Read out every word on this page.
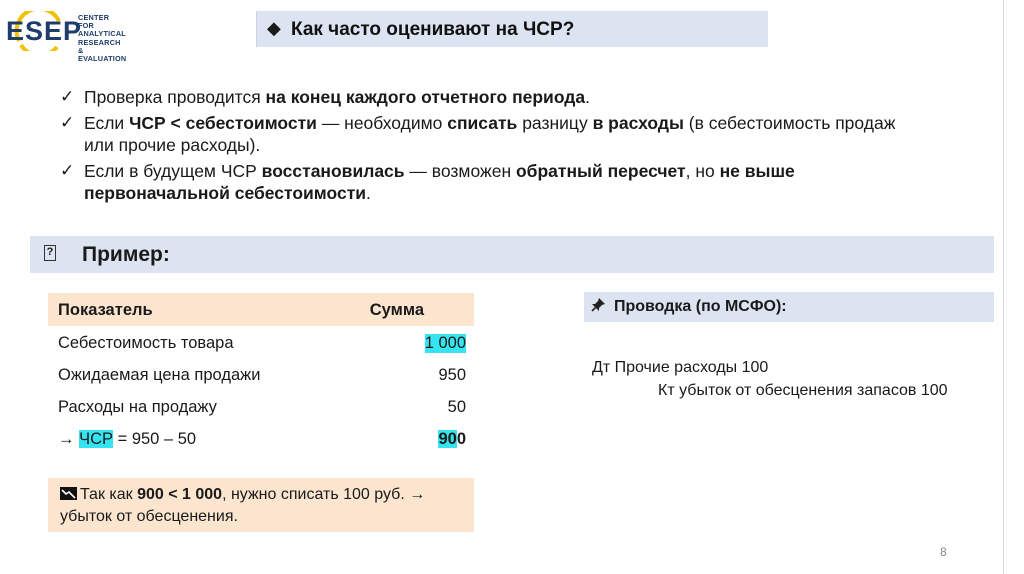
ESEP
CENTER FOR
ANALYTICAL
RESEARCH &
EVALUATION
◆ Как часто оценивают на ЧСР?
✓ Проверка проводится на конец каждого отчетного периода.
✓ Если ЧСР < себестоимости — необходимо списать разницу в расходы (в себестоимость продаж или прочие расходы).
✓ Если в будущем ЧСР восстановилась — возможен обратный пересчет, но не выше первоначальной себестоимости.
? Пример:
Показатель	Сумма
Себестоимость товара	1 000
Ожидаемая цена продажи	950
Расходы на продажу	50
→ ЧСР = 950 – 50	900
Так как 900 < 1 000, нужно списать 100 руб. → убыток от обесценения.
Проводка (по МСФО):
Дт Прочие расходы 100
Кт убыток от обесценения запасов 100
8
